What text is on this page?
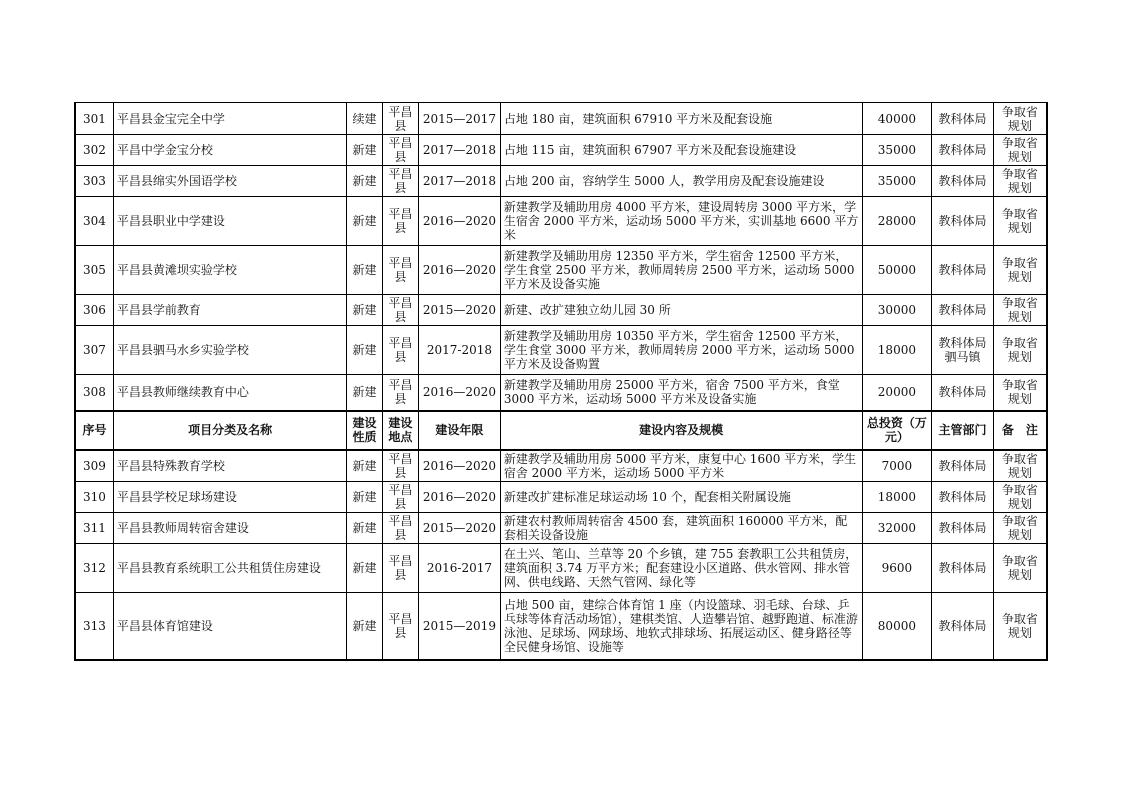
301	平昌县金宝完全中学	续建	平昌县	2015—2017	占地 180 亩，建筑面积 67910 平方米及配套设施	40000	教科体局	争取省规划
302	平昌中学金宝分校	新建	平昌县	2017—2018	占地 115 亩，建筑面积 67907 平方米及配套设施建设	35000	教科体局	争取省规划
303	平昌县绵实外国语学校	新建	平昌县	2017—2018	占地 200 亩，容纳学生 5000 人，教学用房及配套设施建设	35000	教科体局	争取省规划
304	平昌县职业中学建设	新建	平昌县	2016—2020	新建教学及辅助用房 4000 平方米，建设周转房 3000 平方米，学生宿舍 2000 平方米，运动场 5000 平方米，实训基地 6600 平方米	28000	教科体局	争取省规划
305	平昌县黄滩坝实验学校	新建	平昌县	2016—2020	新建教学及辅助用房 12350 平方米，学生宿舍 12500 平方米，学生食堂 2500 平方米，教师周转房 2500 平方米，运动场 5000 平方米及设备实施	50000	教科体局	争取省规划
306	平昌县学前教育	新建	平昌县	2015—2020	新建、改扩建独立幼儿园 30 所	30000	教科体局	争取省规划
307	平昌县驷马水乡实验学校	新建	平昌县	2017-2018	新建教学及辅助用房 10350 平方米，学生宿舍 12500 平方米，学生食堂 3000 平方米，教师周转房 2000 平方米，运动场 5000 平方米及设备购置	18000	教科体局驷马镇	争取省规划
308	平昌县教师继续教育中心	新建	平昌县	2016—2020	新建教学及辅助用房 25000 平方米，宿舍 7500 平方米，食堂 3000 平方米，运动场 5000 平方米及设备实施	20000	教科体局	争取省规划
序号	项目分类及名称	建设性质	建设地点	建设年限	建设内容及规模	总投资（万元）	主管部门	备　注
309	平昌县特殊教育学校	新建	平昌县	2016—2020	新建教学及辅助用房 5000 平方米，康复中心 1600 平方米，学生宿舍 2000 平方米，运动场 5000 平方米	7000	教科体局	争取省规划
310	平昌县学校足球场建设	新建	平昌县	2016—2020	新建改扩建标准足球运动场 10 个，配套相关附属设施	18000	教科体局	争取省规划
311	平昌县教师周转宿舍建设	新建	平昌县	2015—2020	新建农村教师周转宿舍 4500 套，建筑面积 160000 平方米，配套相关设备设施	32000	教科体局	争取省规划
312	平昌县教育系统职工公共租赁住房建设	新建	平昌县	2016-2017	在土兴、笔山、兰草等 20 个乡镇，建 755 套教职工公共租赁房，建筑面积 3.74 万平方米；配套建设小区道路、供水管网、排水管网、供电线路、天然气管网、绿化等	9600	教科体局	争取省规划
313	平昌县体育馆建设	新建	平昌县	2015—2019	占地 500 亩，建综合体育馆 1 座（内设篮球、羽毛球、台球、乒乓球等体育活动场馆），建棋类馆、人造攀岩馆、越野跑道、标准游泳池、足球场、网球场、地软式排球场、拓展运动区、健身路径等全民健身场馆、设施等	80000	教科体局	争取省规划
